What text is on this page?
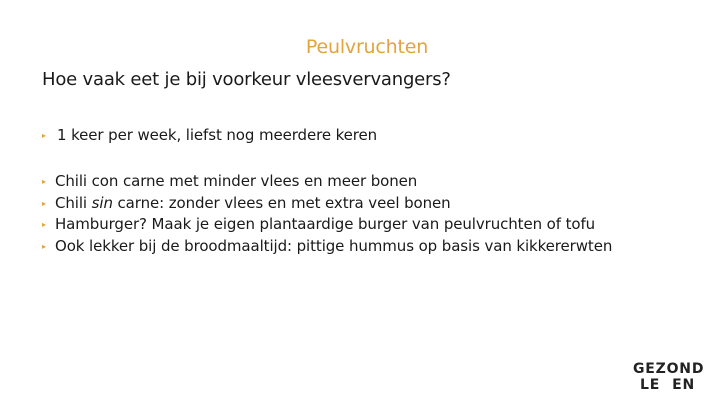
Peulvruchten
Hoe vaak eet je bij voorkeur vleesvervangers?
▸ 1 keer per week, liefst nog meerdere keren
▸ Chili con carne met minder vlees en meer bonen
▸ Chili sin carne: zonder vlees en met extra veel bonen
▸ Hamburger? Maak je eigen plantaardige burger van peulvruchten of tofu
▸ Ook lekker bij de broodmaaltijd: pittige hummus op basis van kikkererwten
GEZOND
LE EN
